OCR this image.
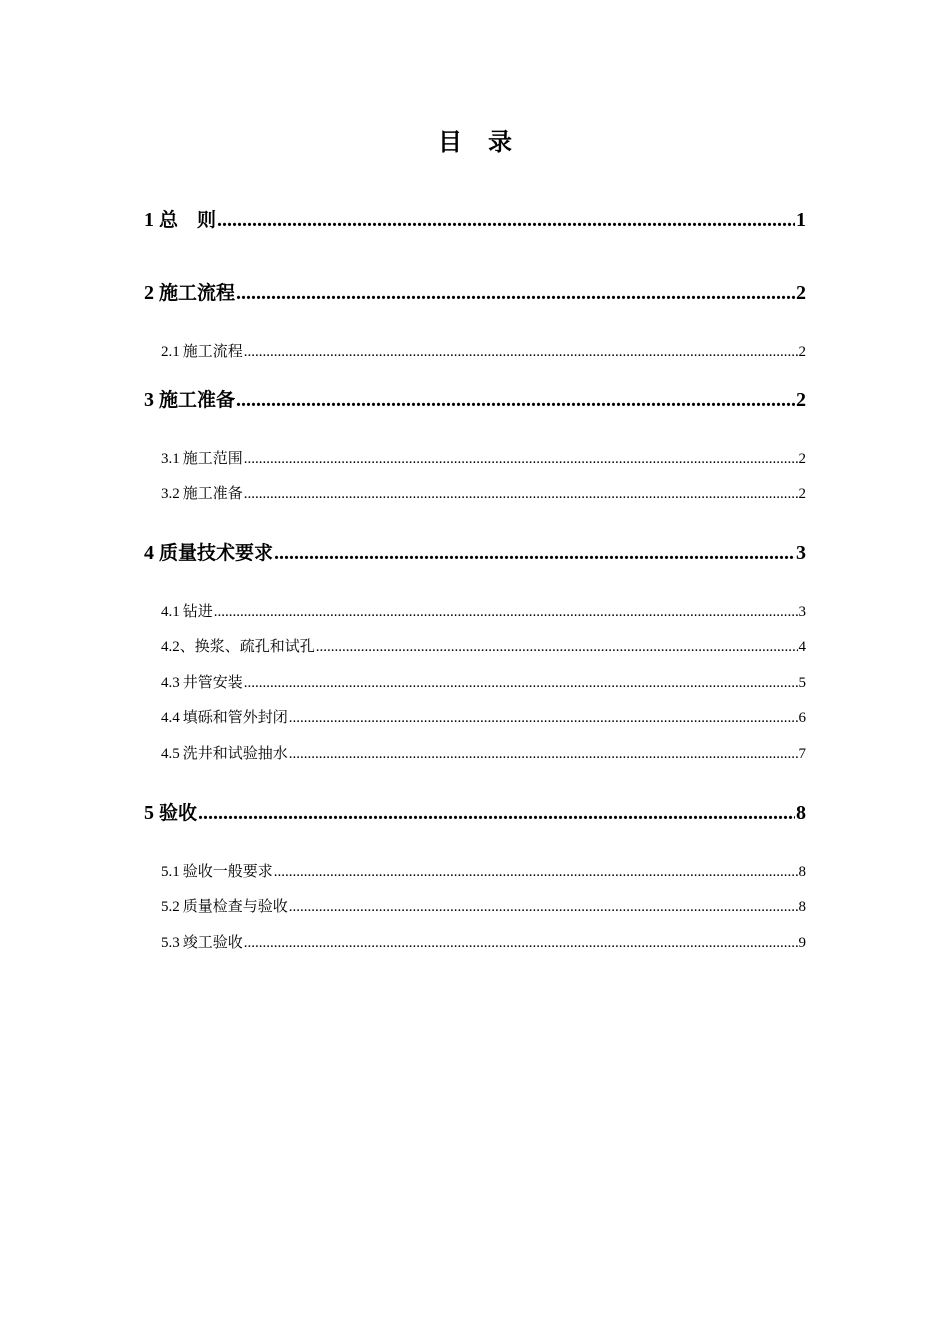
目 录
1 总　则 .....	1
2 施工流程 .....	2
2.1 施工流程 .....	2
3 施工准备 .....	2
3.1 施工范围 .....	2
3.2 施工准备 .....	2
4 质量技术要求 .....	3
4.1 钻进 .....	3
4.2 、换浆、疏孔和试孔 .....	4
4.3 井管安装 .....	5
4.4 填砾和管外封闭 .....	6
4.5 洗井和试验抽水 .....	7
5 验收 .....	8
5.1 验收一般要求 .....	8
5.2 质量检查与验收 .....	8
5.3 竣工验收 .....	9
